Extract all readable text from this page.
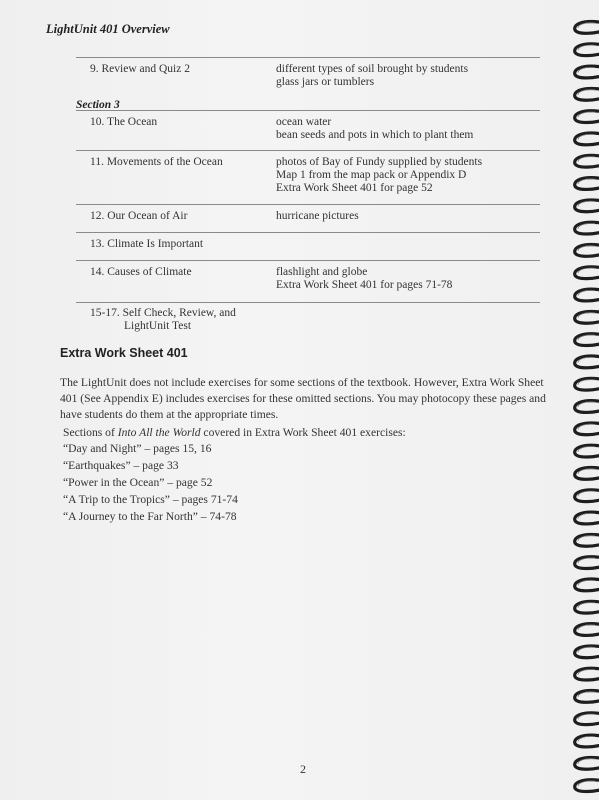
LightUnit 401 Overview
9. Review and Quiz 2	different types of soil brought by students
glass jars or tumblers
Section 3
10. The Ocean	ocean water
bean seeds and pots in which to plant them
11. Movements of the Ocean	photos of Bay of Fundy supplied by students
Map 1 from the map pack or Appendix D
Extra Work Sheet 401 for page 52
12. Our Ocean of Air	hurricane pictures
13. Climate Is Important
14. Causes of Climate	flashlight and globe
Extra Work Sheet 401 for pages 71-78
15-17. Self Check, Review, and
LightUnit Test
Extra Work Sheet 401
The LightUnit does not include exercises for some sections of the textbook. However, Extra Work Sheet
401 (See Appendix E) includes exercises for these omitted sections. You may photocopy these pages and
have students do them at the appropriate times.
Sections of Into All the World covered in Extra Work Sheet 401 exercises:
“Day and Night” – pages 15, 16
“Earthquakes” – page 33
“Power in the Ocean” – page 52
“A Trip to the Tropics” – pages 71-74
“A Journey to the Far North” – 74-78
2
